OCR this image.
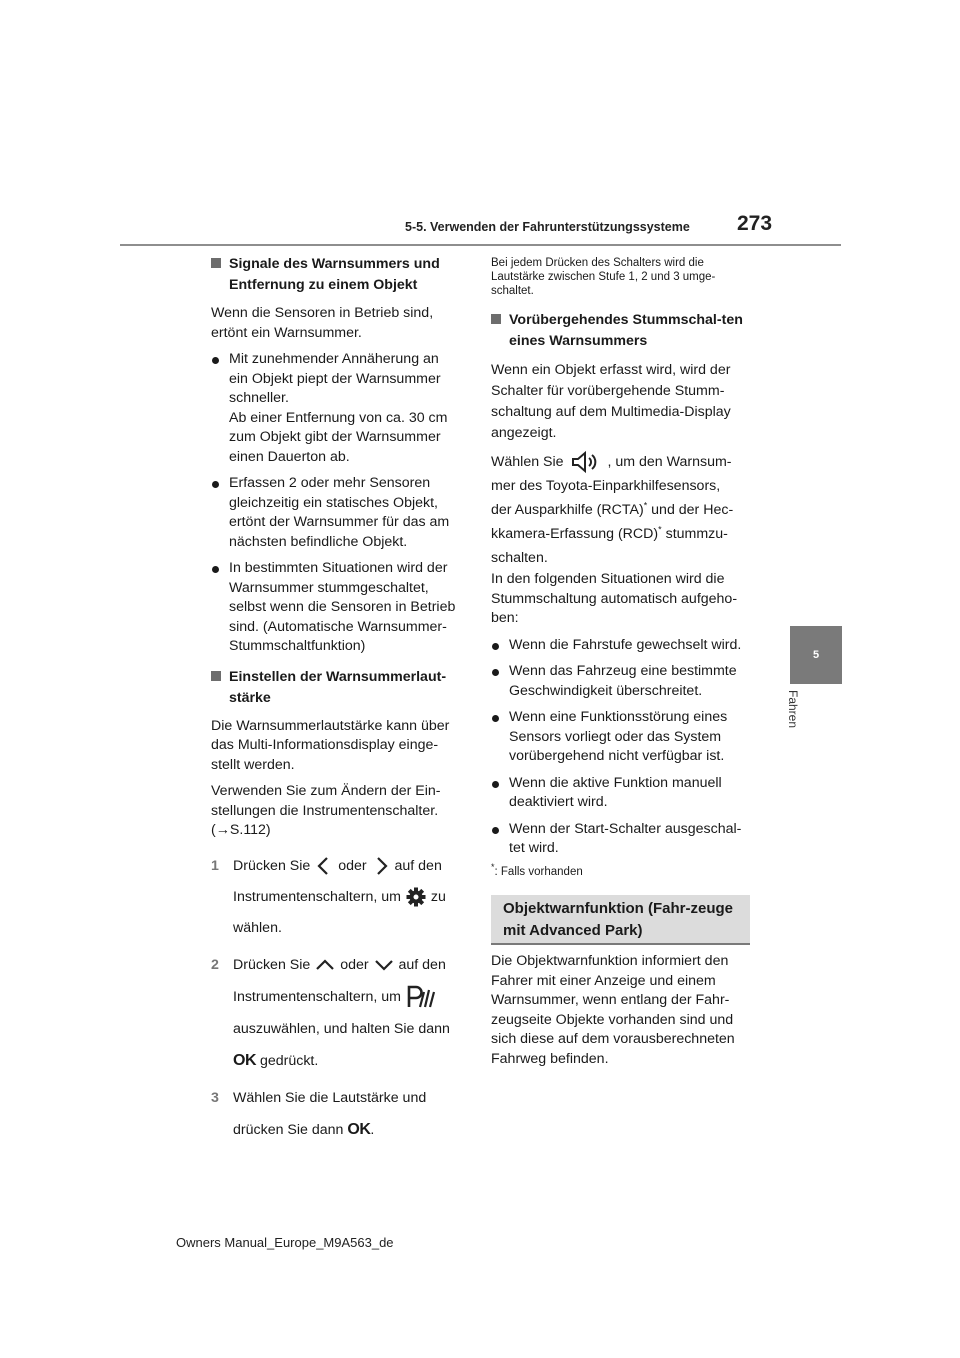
5-5. Verwenden der Fahrunterstützungssysteme 273
5
Fahren
Signale des Warnsummers und Entfernung zu einem Objekt
Wenn die Sensoren in Betrieb sind, ertönt ein Warnsummer.
Mit zunehmender Annäherung an ein Objekt piept der Warnsummer schneller.
Ab einer Entfernung von ca. 30 cm zum Objekt gibt der Warnsummer einen Dauerton ab.
Erfassen 2 oder mehr Sensoren gleichzeitig ein statisches Objekt, ertönt der Warnsummer für das am nächsten befindliche Objekt.
In bestimmten Situationen wird der Warnsummer stummgeschaltet, selbst wenn die Sensoren in Betrieb sind. (Automatische Warnsummer-Stummschaltfunktion)
Einstellen der Warnsummerlaut-stärke
Die Warnsummerlautstärke kann über das Multi-Informationsdisplay einge-stellt werden.
Verwenden Sie zum Ändern der Ein-stellungen die Instrumentenschalter.
(→S.112)
1 Drücken Sie oder auf den
Instrumentenschaltern, um zu
wählen.
2 Drücken Sie oder auf den
Instrumentenschaltern, um
auszuwählen, und halten Sie dann
OK gedrückt.
3 Wählen Sie die Lautstärke und
drücken Sie dann OK.
Bei jedem Drücken des Schalters wird die Lautstärke zwischen Stufe 1, 2 und 3 umge-schaltet.
Vorübergehendes Stummschal-ten eines Warnsummers
Wenn ein Objekt erfasst wird, wird der Schalter für vorübergehende Stumm-schaltung auf dem Multimedia-Display angezeigt.
Wählen Sie	, um den Warnsum-
mer des Toyota-Einparkhilfesensors,
der Ausparkhilfe (RCTA)* und der Hec-
kkamera-Erfassung (RCD)* stummzu-
schalten.
In den folgenden Situationen wird die Stummschaltung automatisch aufgeho-ben:
Wenn die Fahrstufe gewechselt wird.
Wenn das Fahrzeug eine bestimmte Geschwindigkeit überschreitet.
Wenn eine Funktionsstörung eines Sensors vorliegt oder das System vorübergehend nicht verfügbar ist.
Wenn die aktive Funktion manuell deaktiviert wird.
Wenn der Start-Schalter ausgeschal-tet wird.
*: Falls vorhanden
Objektwarnfunktion (Fahr-zeuge mit Advanced Park)
Die Objektwarnfunktion informiert den Fahrer mit einer Anzeige und einem Warnsummer, wenn entlang der Fahr-zeugseite Objekte vorhanden sind und sich diese auf dem vorausberechneten Fahrweg befinden.
Owners Manual_Europe_M9A563_de
